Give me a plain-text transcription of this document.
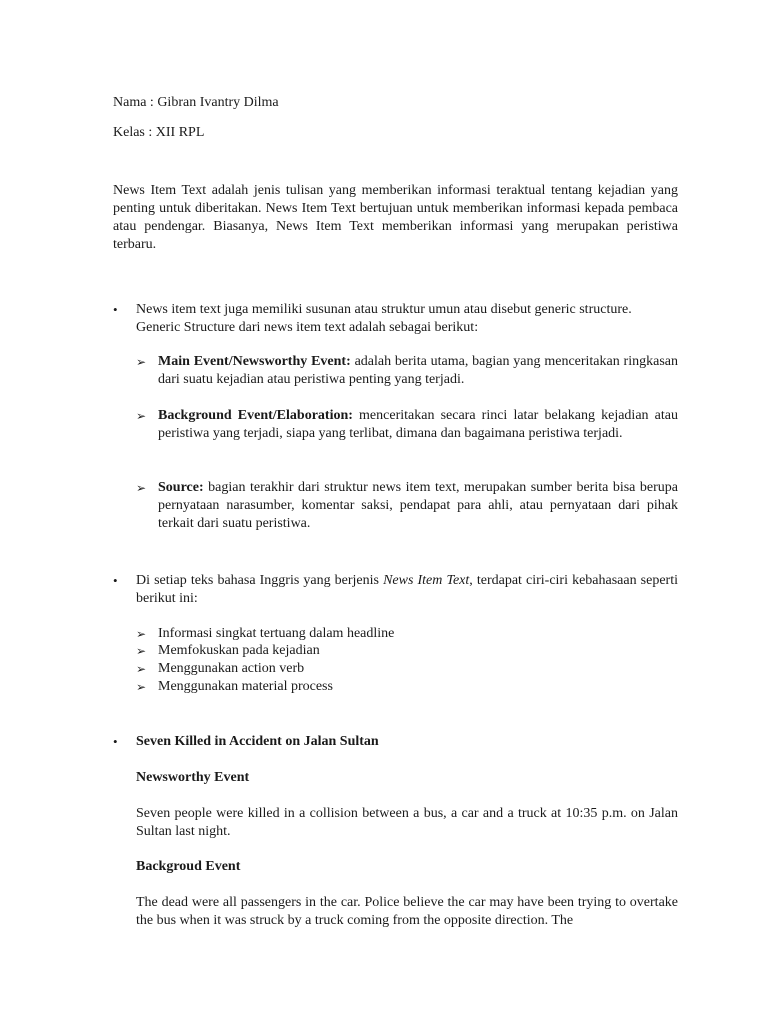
Nama : Gibran Ivantry Dilma

Kelas : XII RPL

News Item Text adalah jenis tulisan yang memberikan informasi teraktual tentang kejadian yang penting untuk diberitakan. News Item Text bertujuan untuk memberikan informasi kepada pembaca atau pendengar. Biasanya, News Item Text memberikan informasi yang merupakan peristiwa terbaru.

• News item text juga memiliki susunan atau struktur umun atau disebut generic structure. Generic Structure dari news item text adalah sebagai berikut:

➢ Main Event/Newsworthy Event: adalah berita utama, bagian yang menceritakan ringkasan dari suatu kejadian atau peristiwa penting yang terjadi.

➢ Background Event/Elaboration: menceritakan secara rinci latar belakang kejadian atau peristiwa yang terjadi, siapa yang terlibat, dimana dan bagaimana peristiwa terjadi.

➢ Source: bagian terakhir dari struktur news item text, merupakan sumber berita bisa berupa pernyataan narasumber, komentar saksi, pendapat para ahli, atau pernyataan dari pihak terkait dari suatu peristiwa.

• Di setiap teks bahasa Inggris yang berjenis News Item Text, terdapat ciri-ciri kebahasaan seperti berikut ini:

➢ Informasi singkat tertuang dalam headline

➢ Memfokuskan pada kejadian

➢ Menggunakan action verb

➢ Menggunakan material process

• Seven Killed in Accident on Jalan Sultan

Newsworthy Event

Seven people were killed in a collision between a bus, a car and a truck at 10:35 p.m. on Jalan Sultan last night.

Backgroud Event

The dead were all passengers in the car. Police believe the car may have been trying to overtake the bus when it was struck by a truck coming from the opposite direction. The
